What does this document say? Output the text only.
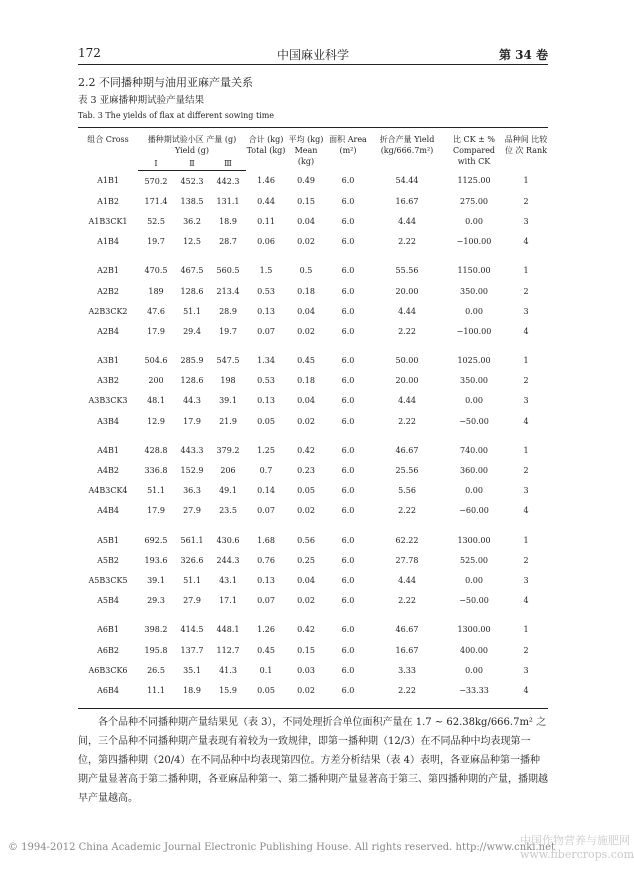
172	中国麻业科学	第 34 卷
2.2 不同播种期与油用亚麻产量关系
表 3 亚麻播种期试验产量结果
Tab. 3 The yields of flax at different sowing time
组合 Cross	播种期试验小区 产量 (g) Yield (g)			合计 (kg) Total (kg)	平均 (kg) Mean (kg)	面积 Area (m²)	折合产量 Yield (kg/666.7m²)	比 CK ± % Compared with CK	品种间 比较位 次 Rank
	Ⅰ	Ⅱ	Ⅲ						
A1B1	570.2	452.3	442.3	1.46	0.49	6.0	54.44	1125.00	1
A1B2	171.4	138.5	131.1	0.44	0.15	6.0	16.67	275.00	2
A1B3CK1	52.5	36.2	18.9	0.11	0.04	6.0	4.44	0.00	3
A1B4	19.7	12.5	28.7	0.06	0.02	6.0	2.22	−100.00	4

A2B1	470.5	467.5	560.5	1.5	0.5	6.0	55.56	1150.00	1
A2B2	189	128.6	213.4	0.53	0.18	6.0	20.00	350.00	2
A2B3CK2	47.6	51.1	28.9	0.13	0.04	6.0	4.44	0.00	3
A2B4	17.9	29.4	19.7	0.07	0.02	6.0	2.22	−100.00	4

A3B1	504.6	285.9	547.5	1.34	0.45	6.0	50.00	1025.00	1
A3B2	200	128.6	198	0.53	0.18	6.0	20.00	350.00	2
A3B3CK3	48.1	44.3	39.1	0.13	0.04	6.0	4.44	0.00	3
A3B4	12.9	17.9	21.9	0.05	0.02	6.0	2.22	−50.00	4

A4B1	428.8	443.3	379.2	1.25	0.42	6.0	46.67	740.00	1
A4B2	336.8	152.9	206	0.7	0.23	6.0	25.56	360.00	2
A4B3CK4	51.1	36.3	49.1	0.14	0.05	6.0	5.56	0.00	3
A4B4	17.9	27.9	23.5	0.07	0.02	6.0	2.22	−60.00	4

A5B1	692.5	561.1	430.6	1.68	0.56	6.0	62.22	1300.00	1
A5B2	193.6	326.6	244.3	0.76	0.25	6.0	27.78	525.00	2
A5B3CK5	39.1	51.1	43.1	0.13	0.04	6.0	4.44	0.00	3
A5B4	29.3	27.9	17.1	0.07	0.02	6.0	2.22	−50.00	4

A6B1	398.2	414.5	448.1	1.26	0.42	6.0	46.67	1300.00	1
A6B2	195.8	137.7	112.7	0.45	0.15	6.0	16.67	400.00	2
A6B3CK6	26.5	35.1	41.3	0.1	0.03	6.0	3.33	0.00	3
A6B4	11.1	18.9	15.9	0.05	0.02	6.0	2.22	−33.33	4
各个品种不同播种期产量结果见（表 3），不同处理折合单位面积产量在 1.7 ~ 62.38kg/666.7m² 之间，三个品种不同播种期产量表现有着较为一致规律，即第一播种期（12/3）在不同品种中均表现第一位，第四播种期（20/4）在不同品种中均表现第四位。方差分析结果（表 4）表明，各亚麻品种第一播种期产量显著高于第二播种期，各亚麻品种第一、第二播种期产量显著高于第三、第四播种期的产量，播期越早产量越高。
© 1994-2012 China Academic Journal Electronic Publishing House. All rights reserved. http://www.cnki.net
中国作物营养与施肥网
www.fibercrops.com
